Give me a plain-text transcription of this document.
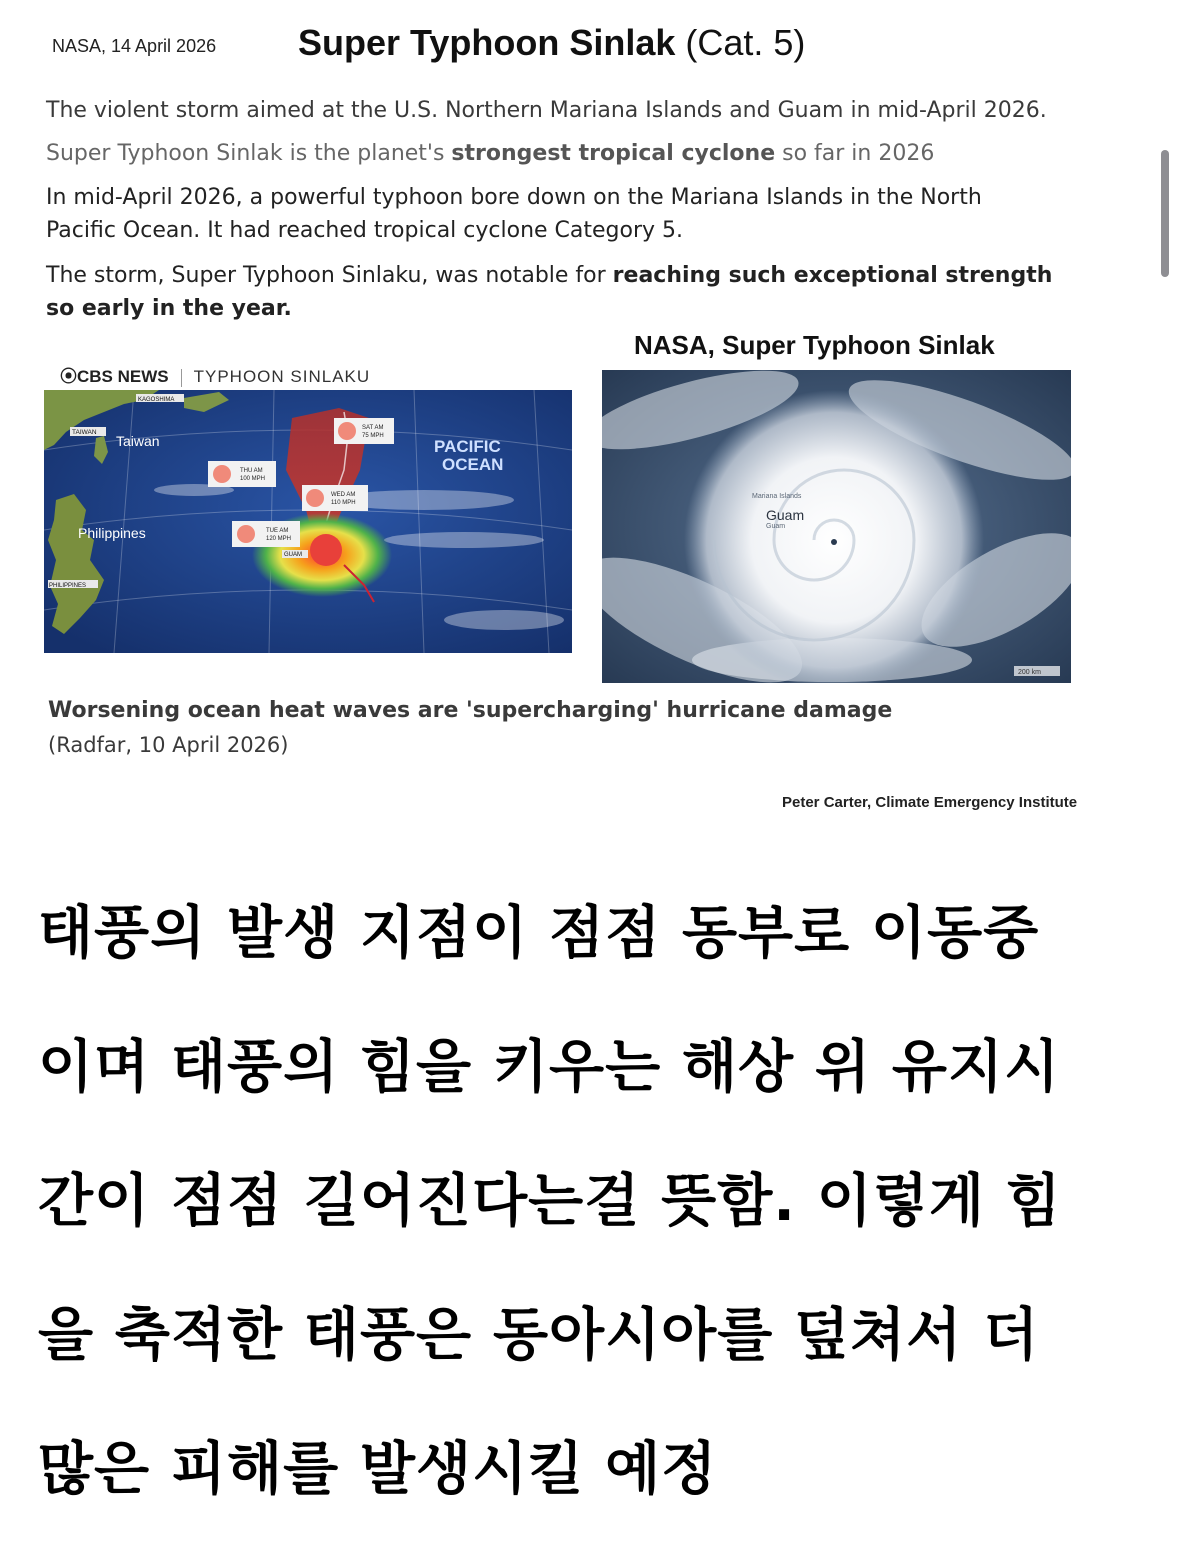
NASA, 14 April 2026 Super Typhoon Sinlak (Cat. 5)
The violent storm aimed at the U.S. Northern Mariana Islands and Guam in mid-April 2026.
Super Typhoon Sinlak is the planet's strongest tropical cyclone so far in 2026
In mid-April 2026, a powerful typhoon bore down on the Mariana Islands in the North
Pacific Ocean. It had reached tropical cyclone Category 5.
The storm, Super Typhoon Sinlaku, was notable for reaching such exceptional strength
so early in the year.
NASA, Super Typhoon Sinlak
⦿CBS NEWS TYPHOON SINLAKU
KAGOSHIMA
TAIWAN
Taiwan
Philippines
PHILIPPINES
PACIFIC
OCEAN
GUAM
SAT AM
75 MPH
THU AM
100 MPH
WED AM
110 MPH
TUE AM
120 MPH
Mariana Islands
Guam
Guam
200 km
Worsening ocean heat waves are 'supercharging' hurricane damage
(Radfar, 10 April 2026)
Peter Carter, Climate Emergency Institute
태풍의 발생 지점이 점점 동부로 이동중
이며 태풍의 힘을 키우는 해상 위 유지시
간이 점점 길어진다는걸 뜻함. 이렇게 힘
을 축적한 태풍은 동아시아를 덮쳐서 더
많은 피해를 발생시킬 예정
